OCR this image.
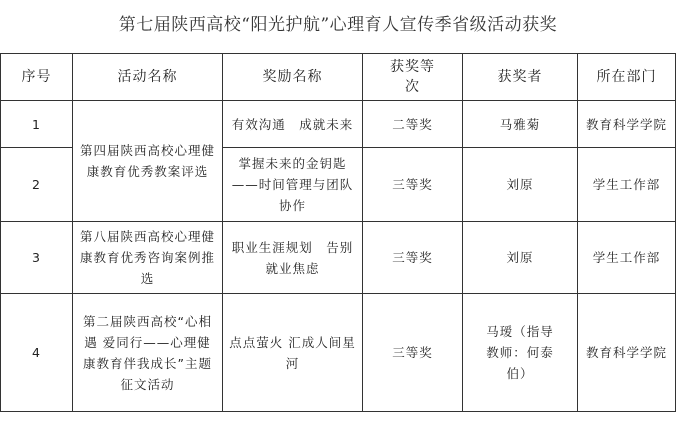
第七届陕西高校“阳光护航”心理育人宣传季省级活动获奖
序号	活动名称	奖励名称	获奖等次	获奖者	所在部门
1	第四届陕西高校心理健康教育优秀教案评选	有效沟通　成就未来	二等奖	马雅菊	教育科学学院
2		掌握未来的金钥匙——时间管理与团队协作	三等奖	刘原	学生工作部
3	第八届陕西高校心理健康教育优秀咨询案例推选	职业生涯规划　告别就业焦虑	三等奖	刘原	学生工作部
4	第二届陕西高校“心相遇 爱同行——心理健康教育伴我成长”主题征文活动	点点萤火 汇成人间星河	三等奖	马瑷（指导教师：何泰伯）	教育科学学院
